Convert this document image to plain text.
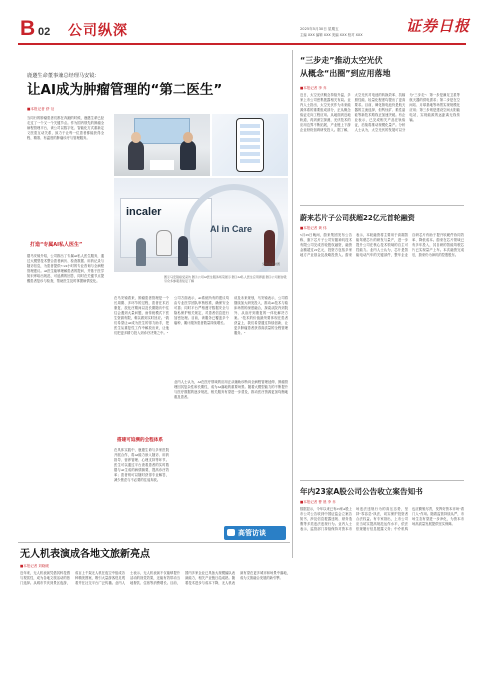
B 02 公司纵深	2025年5月30日 星期五
主编 XXX 编辑 XXX 美编 XXX 校对 XXX	证券日报
鹿邀生命董事兼总经理马安镜：
让AI成为肿瘤管理的“第二医生”
■本报记者 舒 衍
当同行的肿瘤患者们都在奔跑的时候，鹿邀生命已经走过了一个又一个关键节点。作为国内领先的肿瘤全病程管理平台，该公司以数字化、智能化方式重新定义医患互动关系，致力于让每一位患者都能获得全程、精准、有温度的肿瘤诊疗与管理服务。
打造“专属AI私人医生”
据马安镜介绍，公司推出了专属AI私人医生服务，通过大模型技术整合患者病历、检查数据、用药记录与随访信息，为患者提供7×24小时的专业咨询与全病程管理建议。AI医生能够理解患者的提问，并基于医学知识库给出规范、可追溯的回答，同时在关键节点提醒患者复诊与检查，帮助医生及时掌握病情变化。
incaler
AI in Care
图①马安镜接受采访 图②公司AI医生服务场景展示 图③AI私人医生应用界面 图④公司展台吸引众多参观者驻足了解
受访企业供图
在马安镜看来，肿瘤患者管理是一个长周期、多环节的过程，患者在术后康复、放化疗期间以及长期随访中往往会遇到大量问题，而传统模式下医生资源有限，难以做到实时回应。“我们希望让AI成为医生的得力助手，把医生从重复性工作中解放出来，让他们把更多精力投入到诊疗决策之中。”
搭建可追溯的全程体系
公司方面表示，AI系统所有的建议均由专业医学团队审核校准，确保安全可靠；同时平台严格遵守数据安全与隐私保护相关规定，对患者信息进行加密处理。目前，该服务已覆盖多个癌种，累计服务患者数量持续增长。
谈及未来规划，马安镜表示，公司将继续加大研发投入，推动AI技术与临床场景的深度融合，探索从院内到院外、从治疗到康复的一体化解决方案。“技术的价值最终要体现在患者获益上，我们希望通过持续创新，让更多肿瘤患者获得高质量的全程管理服务。”
在具体实践中，鹿邀生命与多家医院开展合作，将AI能力嵌入随访、用药指导、营养管理、心理支持等环节。医生可以通过平台查看患者的实时数据与AI生成的病情摘要，提高诊疗效率；患者则可以随时获得专业解答，减少焦虑与不必要的往返奔波。
业内人士认为，AI在医疗领域的应用正从辅助诊断向全病程管理延伸，肿瘤管理因其复杂性和长期性，成为AI落地的重要场景。随着大模型能力的不断提升与医疗数据的逐步规范，相关服务有望进一步普及，推动医疗资源更加均衡地惠及患者。
高管访谈
“三步走”推动太空光伏
从概念“出圈”到应用落地
■本报记者 李 乔
近日，太空光伏概念持续升温，多家上市公司密集披露相关布局。业内人士指出，太空光伏作为未来能源体系的重要组成部分，正从概念验证走向工程应用。从地面到近地轨道，再到深空探测，光伏技术的应用边界不断拓展，产业链上下游企业纷纷加码研发投入。据了解，太空光伏对电池的转换效率、抗辐照性能、轻量化程度均提出了更高要求。目前，砷化镓电池仍是航天器的主流选择，但钙钛矿、柔性晶硅等新技术路线正加速突破。有企业表示，已完成相关产品在轨验证，后续将推动规模化量产。分析人士认为，太空光伏的发展可以分为“三步走”：第一步是满足卫星等航天器的供电需求；第二步是在空间站、月球基地等场景实现规模化应用；第三步则是建设空间太阳能电站，实现能源的远距离无线传输。
蔚来芯片子公司获超22亿元首轮融资
■本报记者 黄 伟
5月29日晚间，蔚来集团发布公告称，旗下芯片子公司安徽神玑技术有限公司完成首轮股权融资，融资金额超过22亿元，投资方包括多家地方产业基金及战略投资人。蔚来表示，本轮融资将主要用于高端智能驾驶芯片的研发与量产，进一步提升公司在核心技术领域的自主可控能力。业内人士认为，芯片是智能电动汽车的关键部件，整车企业自研芯片有助于提升软硬件协同效率、降低成本。蔚来在芯片领域已有多年投入，其自研的智能驾驶芯片已实现量产上车。本次融资完成后，蔚来仍为神玑的控股股东。
年内23家A股公司公告收立案告知书
■本报记者 曹 晨 李 乔
数据显示，今年以来已有23家A股上市公司公告收到中国证监会立案告知书，涉及信息披露违规、财务造假等多类违法违规行为。业内人士表示，监管部门持续保持对资本市场违法违规行为的高压态势，坚持“零容忍”执法，切实保护投资者合法权益。有专家指出，上市公司应当切实提高规范运作水平，依法依规履行信息披露义务；中介机构也应勤勉尽责，发挥好资本市场“看门人”作用。随着监管持续从严，市场生态有望进一步净化，为资本市场高质量发展提供坚实保障。
无人机表演成各地文旅新亮点
■本报记者 刘晓暖
近年来，无人机表演凭借其科技感与观赏性，成为各地文旅活动的热门选择。从城市节庆到景区夜游，成百上千架无人机在夜空中组成各种精美图案，吸引大量游客驻足观看并在社交平台广泛传播。业内人士表示，无人机表演不仅能够提升活动的视觉效果，还能有效带动当地餐饮、住宿等消费增长。目前，国内多家企业已具备大规模编队表演能力，相关产业链日趋成熟。随着技术进步与成本下降，无人机表演有望在更多城市和场景中落地，成为文旅融合发展的新引擎。
